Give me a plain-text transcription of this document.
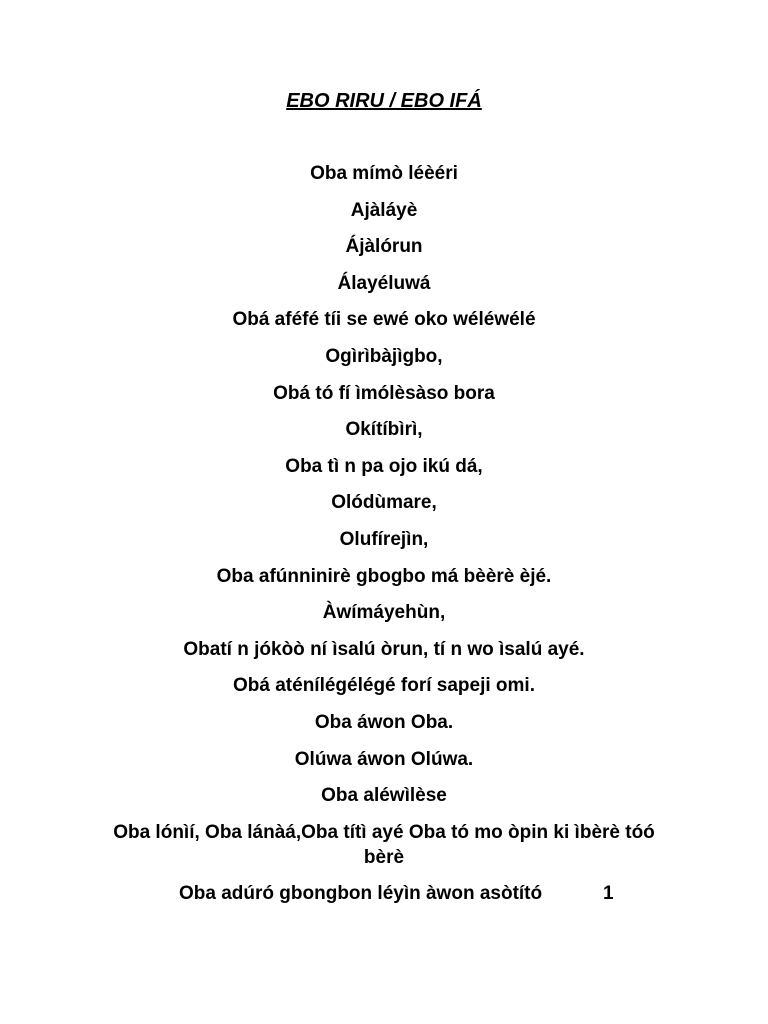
EBO RIRU / EBO IFÁ
Oba mímò léèéri
Ajàláyè
Ájàlórun
Álayéluwá
Obá aféfé tíi se ewé oko wéléwélé
Ogìrìbàjìgbo,
Obá tó fí ìmólèsàso bora
Okítíbìrì,
Oba tì n pa ojo ikú dá,
Olódùmare,
Olufírejìn,
Oba afúnninirè gbogbo má bèèrè èjé.
Àwímáyehùn,
Obatí n jókòò ní ìsalú òrun, tí n wo ìsalú ayé.
Obá aténílégélégé forí sapeji omi.
Oba áwon Oba.
Olúwa áwon Olúwa.
Oba aléwìlèse
Oba lónìí, Oba lánàá,Oba títì ayé Oba tó mo òpin ki ìbèrè tóó bèrè
Oba adúró gbongbon léyìn àwon asòtító	1
